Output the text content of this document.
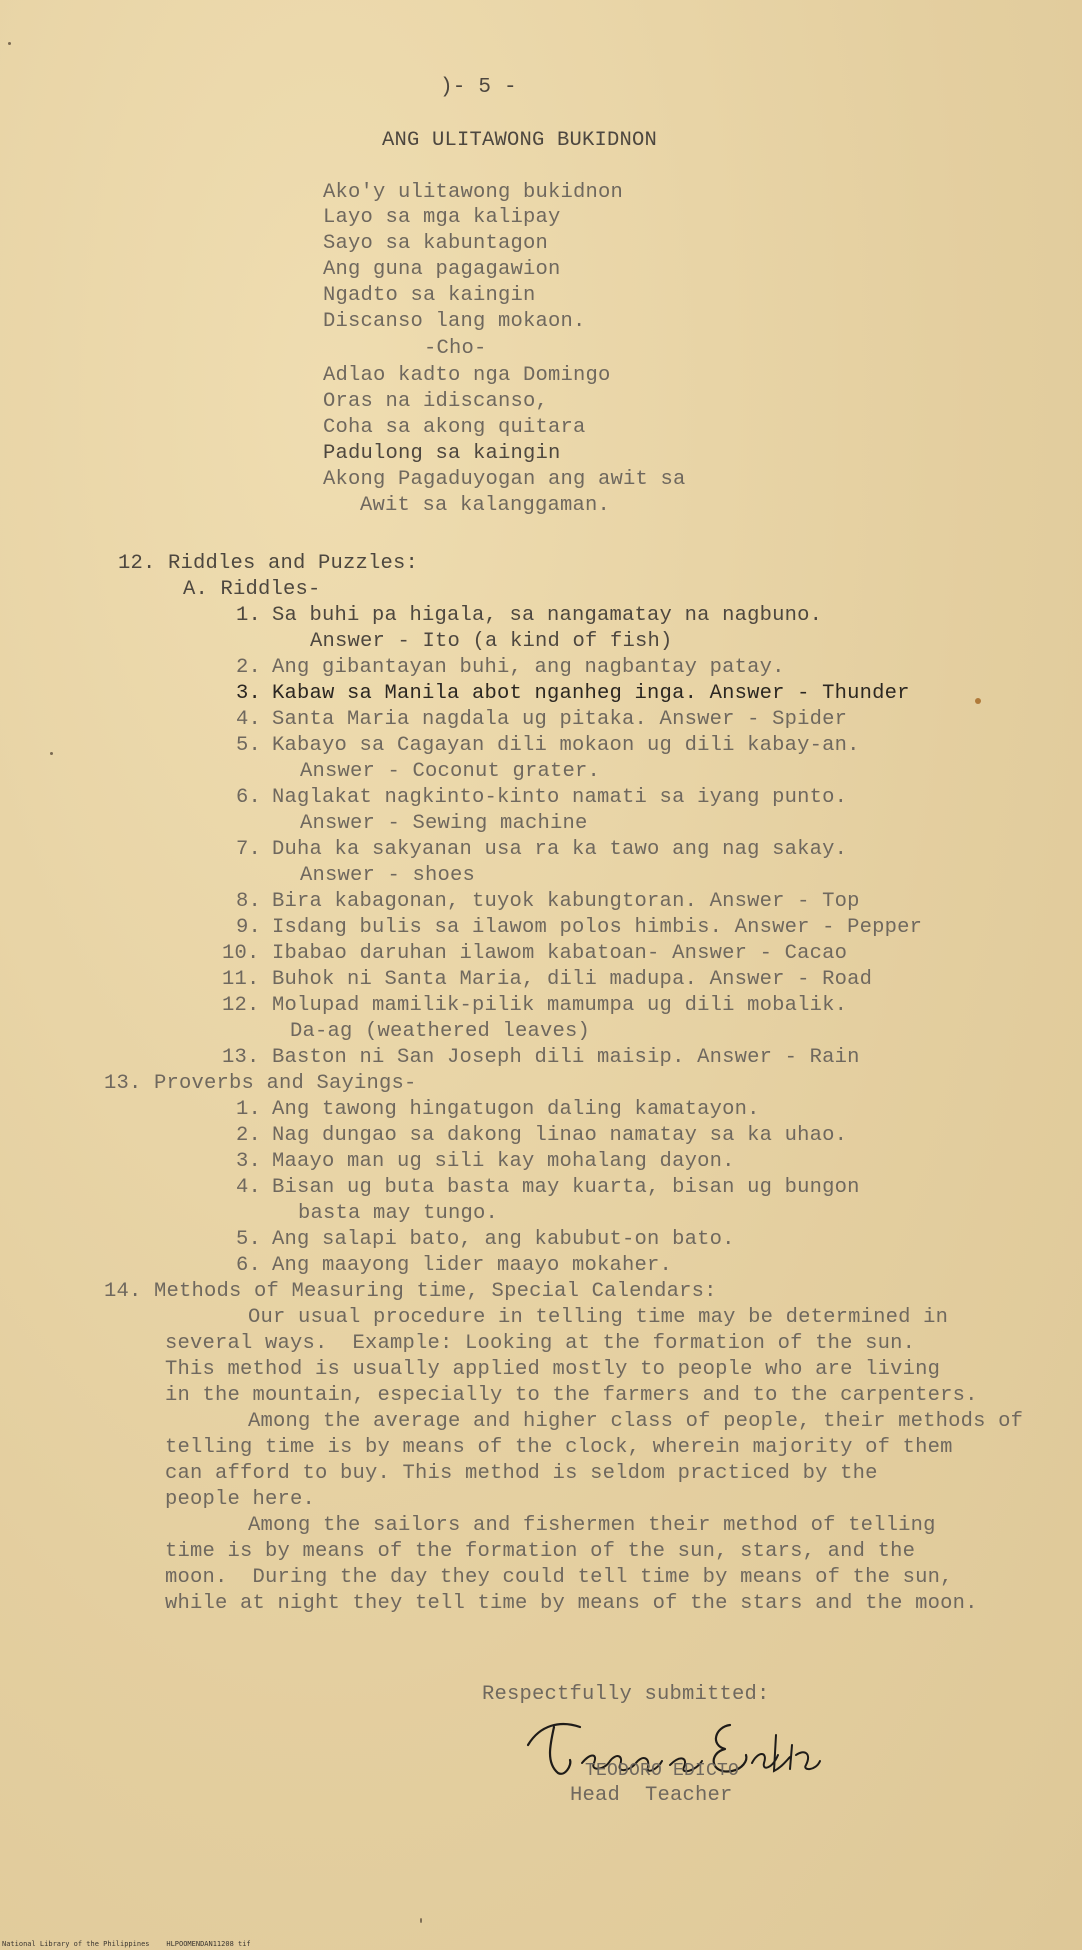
)- 5 -
ANG ULITAWONG BUKIDNON
Ako'y ulitawong bukidnon
Layo sa mga kalipay
Sayo sa kabuntagon
Ang guna pagagawion
Ngadto sa kaingin
Discanso lang mokaon.
-Cho-
Adlao kadto nga Domingo
Oras na idiscanso,
Coha sa akong quitara
Padulong sa kaingin
Akong Pagaduyogan ang awit sa
Awit sa kalanggaman.
12. Riddles and Puzzles:
A. Riddles-
1. Sa buhi pa higala, sa nangamatay na nagbuno.
Answer - Ito (a kind of fish)
2. Ang gibantayan buhi, ang nagbantay patay.
3. Kabaw sa Manila abot nganheg inga. Answer - Thunder
4. Santa Maria nagdala ug pitaka. Answer - Spider
5. Kabayo sa Cagayan dili mokaon ug dili kabay-an.
Answer - Coconut grater.
6. Naglakat nagkinto-kinto namati sa iyang punto.
Answer - Sewing machine
7. Duha ka sakyanan usa ra ka tawo ang nag sakay.
Answer - shoes
8. Bira kabagonan, tuyok kabungtoran. Answer - Top
9. Isdang bulis sa ilawom polos himbis. Answer - Pepper
10. Ibabao daruhan ilawom kabatoan- Answer - Cacao
11. Buhok ni Santa Maria, dili madupa. Answer - Road
12. Molupad mamilik-pilik mamumpa ug dili mobalik.
Da-ag (weathered leaves)
13. Baston ni San Joseph dili maisip. Answer - Rain
13. Proverbs and Sayings-
1. Ang tawong hingatugon daling kamatayon.
2. Nag dungao sa dakong linao namatay sa ka uhao.
3. Maayo man ug sili kay mohalang dayon.
4. Bisan ug buta basta may kuarta, bisan ug bungon
basta may tungo.
5. Ang salapi bato, ang kabubut-on bato.
6. Ang maayong lider maayo mokaher.
14. Methods of Measuring time, Special Calendars:
Our usual procedure in telling time may be determined in
several ways.  Example: Looking at the formation of the sun.
This method is usually applied mostly to people who are living
in the mountain, especially to the farmers and to the carpenters.
Among the average and higher class of people, their methods of
telling time is by means of the clock, wherein majority of them
can afford to buy. This method is seldom practiced by the
people here.
Among the sailors and fishermen their method of telling
time is by means of the formation of the sun, stars, and the
moon.  During the day they could tell time by means of the sun,
while at night they tell time by means of the stars and the moon.
Respectfully submitted:
TEODORO EDICTO
Head  Teacher
National Library of the Philippines    HLPOOMENDAN11208 tif
